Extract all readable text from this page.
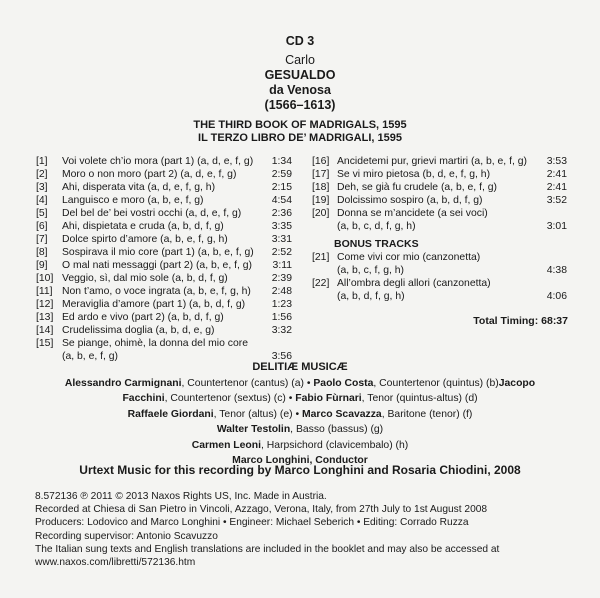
CD 3
Carlo
GESUALDO
da Venosa
(1566–1613)
THE THIRD BOOK OF MADRIGALS, 1595
IL TERZO LIBRO DE’ MADRIGALI, 1595
[1] Voi volete ch’io mora (part 1) (a, d, e, f, g) 1:34
[2] Moro o non moro (part 2) (a, d, e, f, g)	2:59
[3] Ahi, disperata vita (a, d, e, f, g, h)	2:15
[4] Languisco e moro (a, b, e, f, g)	4:54
[5] Del bel de’ bei vostri occhi (a, d, e, f, g)	2:36
[6] Ahi, dispietata e cruda (a, b, d, f, g)	3:35
[7] Dolce spirto d’amore (a, b, e, f, g, h)	3:31
[8] Sospirava il mio core (part 1) (a, b, e, f, g) 2:52
[9] O mal nati messaggi (part 2) (a, b, e, f, g) 3:11
[10] Veggio, sì, dal mio sole (a, b, d, f, g)	2:39
[11] Non t’amo, o voce ingrata (a, b, e, f, g, h) 2:48
[12] Meraviglia d’amore (part 1) (a, b, d, f, g)	1:23
[13] Ed ardo e vivo (part 2) (a, b, d, f, g)	1:56
[14] Crudelissima doglia (a, b, d, e, g)	3:32
[15] Se piange, ohimè, la donna del mio core
(a, b, e, f, g)	3:56
[16] Ancidetemi pur, grievi martiri (a, b, e, f, g) 3:53
[17] Se vi miro pietosa (b, d, e, f, g, h)	2:41
[18] Deh, se già fu crudele (a, b, e, f, g)	2:41
[19] Dolcissimo sospiro (a, b, d, f, g)	3:52
[20] Donna se m’ancidete (a sei voci)
(a, b, c, d, f, g, h)	3:01
BONUS TRACKS
[21] Come vivi cor mio (canzonetta)
(a, b, c, f, g, h)	4:38
[22] All’ombra degli allori (canzonetta)
(a, b, d, f, g, h)	4:06
Total Timing: 68:37
DELITIÆ MUSICÆ
Alessandro Carmignani, Countertenor (cantus) (a) • Paolo Costa, Countertenor (quintus) (b)Jacopo
Facchini, Countertenor (sextus) (c) • Fabio Fùrnari, Tenor (quintus-altus) (d)
Raffaele Giordani, Tenor (altus) (e) • Marco Scavazza, Baritone (tenor) (f)
Walter Testolin, Basso (bassus) (g)
Carmen Leoni, Harpsichord (clavicembalo) (h)
Marco Longhini, Conductor
Urtext Music for this recording by Marco Longhini and Rosaria Chiodini, 2008
8.572136 ℗ 2011 © 2013 Naxos Rights US, Inc. Made in Austria.
Recorded at Chiesa di San Pietro in Vincoli, Azzago, Verona, Italy, from 27th July to 1st August 2008
Producers: Lodovico and Marco Longhini • Engineer: Michael Seberich • Editing: Corrado Ruzza
Recording supervisor: Antonio Scavuzzo
The Italian sung texts and English translations are included in the booklet and may also be accessed at
www.naxos.com/libretti/572136.htm
